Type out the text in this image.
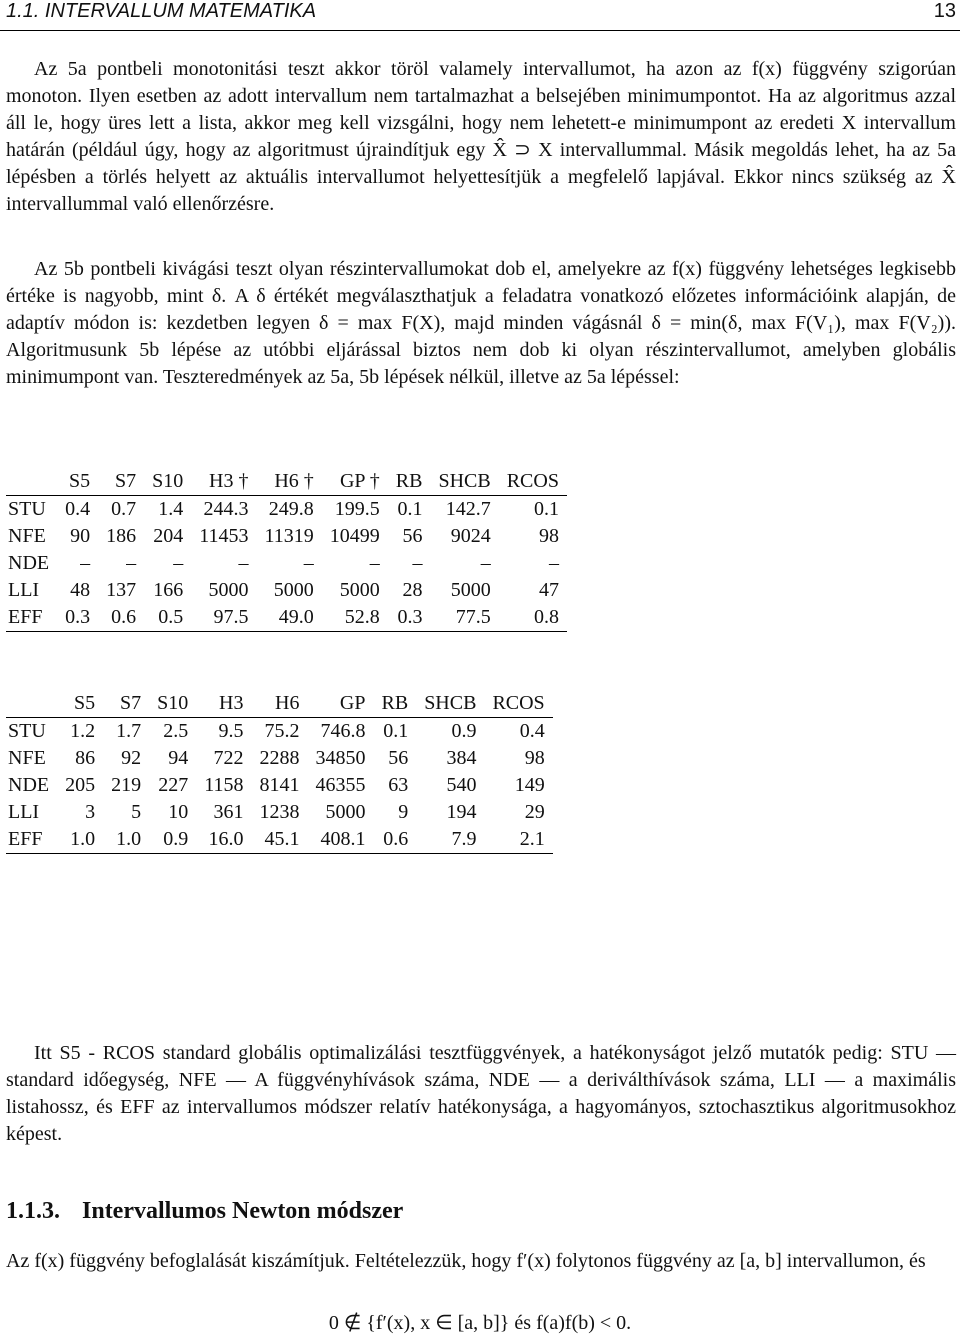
1.1. INTERVALLUM MATEMATIKA	13
Az 5a pontbeli monotonitási teszt akkor töröl valamely intervallumot, ha azon az f(x) függvény szigorúan monoton. Ilyen esetben az adott intervallum nem tartalmazhat a belsejében minimumpontot. Ha az algoritmus azzal áll le, hogy üres lett a lista, akkor meg kell vizsgálni, hogy nem lehetett-e minimumpont az eredeti X intervallum határán (például úgy, hogy az algoritmust újraindítjuk egy X̂ ⊃ X intervallummal. Másik megoldás lehet, ha az 5a lépésben a törlés helyett az aktuális intervallumot helyettesítjük a megfelelő lapjával. Ekkor nincs szükség az X̂ intervallummal való ellenőrzésre.
Az 5b pontbeli kivágási teszt olyan részintervallumokat dob el, amelyekre az f(x) függvény lehetséges legkisebb értéke is nagyobb, mint δ. A δ értékét megválaszthatjuk a feladatra vonatkozó előzetes információink alapján, de adaptív módon is: kezdetben legyen δ = max F(X), majd minden vágásnál δ = min(δ, max F(V₁), max F(V₂)). Algoritmusunk 5b lépése az utóbbi eljárással biztos nem dob ki olyan részintervallumot, amelyben globális minimumpont van. Teszteredmények az 5a, 5b lépések nélkül, illetve az 5a lépéssel:
	S5	S7	S10	H3 †	H6 †	GP †	RB	SHCB	RCOS
STU	0.4	0.7	1.4	244.3	249.8	199.5	0.1	142.7	0.1
NFE	90	186	204	11453	11319	10499	56	9024	98
NDE	–	–	–	–	–	–	–	–	–
LLI	48	137	166	5000	5000	5000	28	5000	47
EFF	0.3	0.6	0.5	97.5	49.0	52.8	0.3	77.5	0.8
	S5	S7	S10	H3	H6	GP	RB	SHCB	RCOS
STU	1.2	1.7	2.5	9.5	75.2	746.8	0.1	0.9	0.4
NFE	86	92	94	722	2288	34850	56	384	98
NDE	205	219	227	1158	8141	46355	63	540	149
LLI	3	5	10	361	1238	5000	9	194	29
EFF	1.0	1.0	0.9	16.0	45.1	408.1	0.6	7.9	2.1
Itt S5 - RCOS standard globális optimalizálási tesztfüggvények, a hatékonyságot jelző mutatók pedig: STU — standard időegység, NFE — A függvényhívások száma, NDE — a deriválthívások száma, LLI — a maximális listahossz, és EFF az intervallumos módszer relatív hatékonysága, a hagyományos, sztochasztikus algoritmusokhoz képest.
1.1.3. Intervallumos Newton módszer
Az f(x) függvény befoglalását kiszámítjuk. Feltételezzük, hogy f′(x) folytonos függvény az [a, b] intervallumon, és
0 ∉ {f′(x), x ∈ [a, b]} és f(a)f(b) < 0.
